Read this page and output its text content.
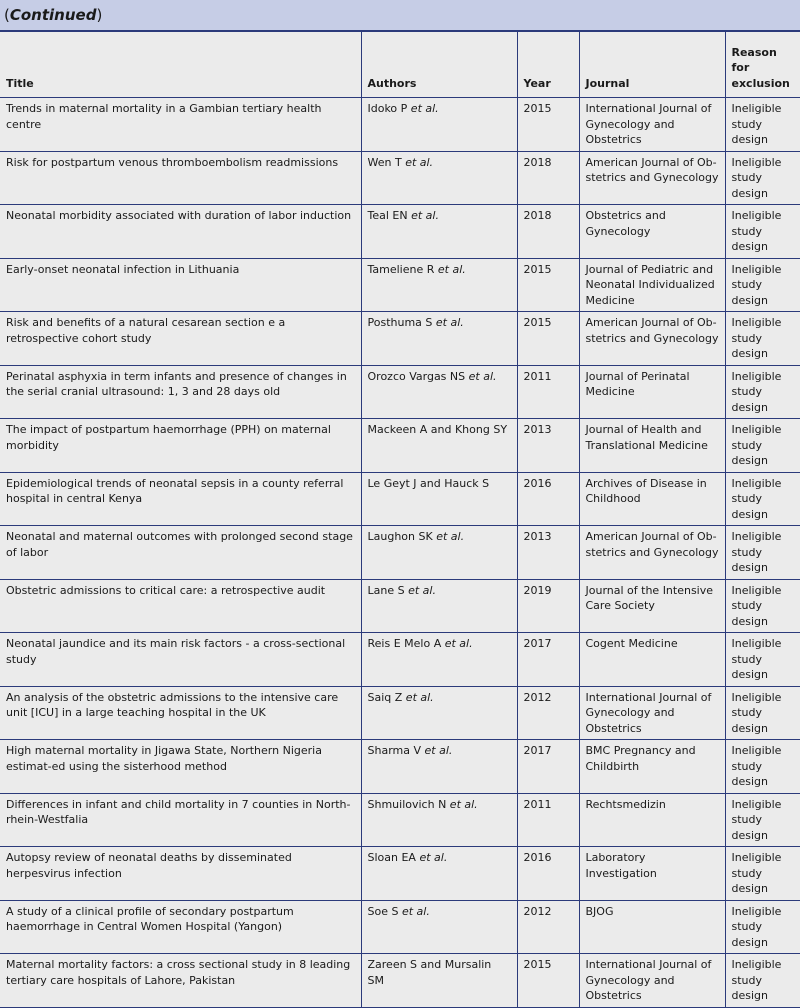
(Continued)
Title	Authors	Year	Journal	Reason for exclusion
Trends in maternal mortality in a Gambian tertiary health centre	Idoko P et al.	2015	International Journal of Gynecology and Obstetrics	Ineligible study design
Risk for postpartum venous thromboembolism readmissions	Wen T et al.	2018	American Journal of Ob-stetrics and Gynecology	Ineligible study design
Neonatal morbidity associated with duration of labor induction	Teal EN et al.	2018	Obstetrics and Gynecology	Ineligible study design
Early-onset neonatal infection in Lithuania	Tameliene R et al.	2015	Journal of Pediatric and Neonatal Individualized Medicine	Ineligible study design
Risk and benefits of a natural cesarean section e a retrospective cohort study	Posthuma S et al.	2015	American Journal of Ob-stetrics and Gynecology	Ineligible study design
Perinatal asphyxia in term infants and presence of changes in the serial cranial ultrasound: 1, 3 and 28 days old	Orozco Vargas NS et al.	2011	Journal of Perinatal Medicine	Ineligible study design
The impact of postpartum haemorrhage (PPH) on maternal morbidity	Mackeen A and Khong SY	2013	Journal of Health and Translational Medicine	Ineligible study design
Epidemiological trends of neonatal sepsis in a county referral hospital in central Kenya	Le Geyt J and Hauck S	2016	Archives of Disease in Childhood	Ineligible study design
Neonatal and maternal outcomes with prolonged second stage of labor	Laughon SK et al.	2013	American Journal of Ob-stetrics and Gynecology	Ineligible study design
Obstetric admissions to critical care: a retrospective audit	Lane S et al.	2019	Journal of the Intensive Care Society	Ineligible study design
Neonatal jaundice and its main risk factors - a cross-sectional study	Reis E Melo A et al.	2017	Cogent Medicine	Ineligible study design
An analysis of the obstetric admissions to the intensive care unit [ICU] in a large teaching hospital in the UK	Saiq Z et al.	2012	International Journal of Gynecology and Obstetrics	Ineligible study design
High maternal mortality in Jigawa State, Northern Nigeria estimat-ed using the sisterhood method	Sharma V et al.	2017	BMC Pregnancy and Childbirth	Ineligible study design
Differences in infant and child mortality in 7 counties in North-rhein-Westfalia	Shmuilovich N et al.	2011	Rechtsmedizin	Ineligible study design
Autopsy review of neonatal deaths by disseminated herpesvirus infection	Sloan EA et al.	2016	Laboratory Investigation	Ineligible study design
A study of a clinical profile of secondary postpartum haemorrhage in Central Women Hospital (Yangon)	Soe S et al.	2012	BJOG	Ineligible study design
Maternal mortality factors: a cross sectional study in 8 leading tertiary care hospitals of Lahore, Pakistan	Zareen S and Mursalin SM	2015	International Journal of Gynecology and Obstetrics	Ineligible study design
